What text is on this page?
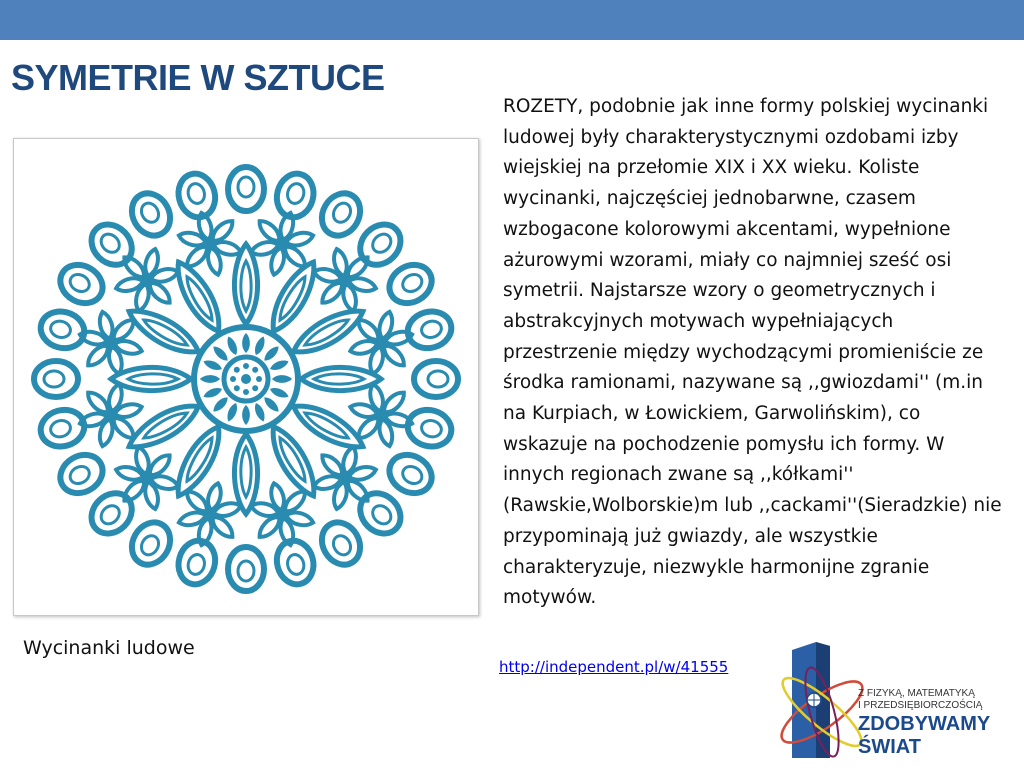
SYMETRIE W SZTUCE
Wycinanki ludowe

ROZETY, podobnie jak inne formy polskiej wycinanki ludowej były charakterystycznymi ozdobami izby wiejskiej na przełomie XIX i XX wieku. Koliste wycinanki, najczęściej jednobarwne, czasem wzbogacone kolorowymi akcentami, wypełnione ażurowymi wzorami, miały co najmniej sześć osi symetrii. Najstarsze wzory o geometrycznych i abstrakcyjnych motywach wypełniających przestrzenie między wychodzącymi promieniście ze środka ramionami, nazywane są ,,gwiozdami'' (m.in na Kurpiach, w Łowickiem, Garwolińskim), co wskazuje na pochodzenie pomysłu ich formy. W innych regionach zwane są ,,kółkami'' (Rawskie,Wolborskie)m lub ,,cackami''(Sieradzkie) nie przypominają już gwiazdy, ale wszystkie charakteryzuje, niezwykle harmonijne zgranie motywów.

http://independent.pl/w/41555
Z FIZYKĄ, MATEMATYKĄ
I PRZEDSIĘBIORCZOŚCIĄ
ZDOBYWAMY
ŚWIAT
